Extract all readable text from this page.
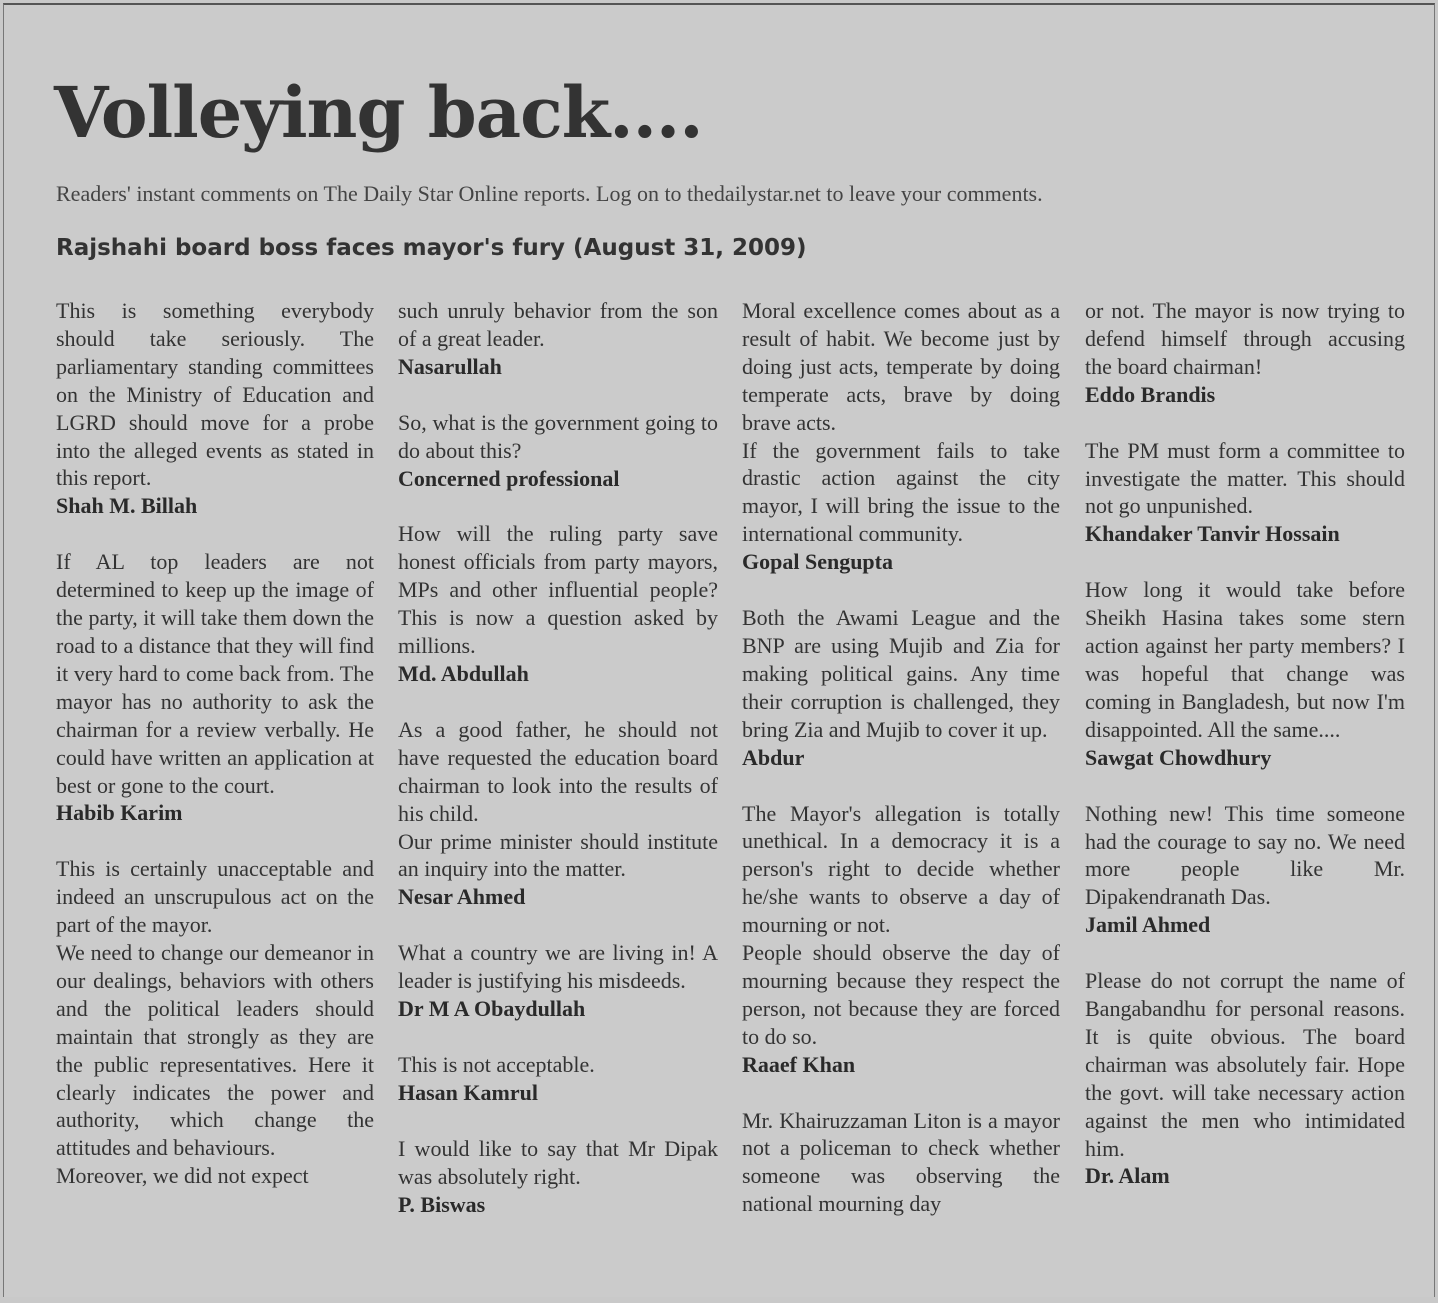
Volleying back....
Readers' instant comments on The Daily Star Online reports. Log on to thedailystar.net to leave your comments.
Rajshahi board boss faces mayor's fury (August 31, 2009)

This is something everybody should take seriously. The parliamentary standing committees on the Ministry of Education and LGRD should move for a probe into the alleged events as stated in this report.

Shah M. Billah

If AL top leaders are not determined to keep up the image of the party, it will take them down the road to a distance that they will find it very hard to come back from. The mayor has no authority to ask the chairman for a review verbally. He could have written an application at best or gone to the court.

Habib Karim

This is certainly unacceptable and indeed an unscrupulous act on the part of the mayor.
We need to change our demeanor in our dealings, behaviors with others and the political leaders should maintain that strongly as they are the public representatives. Here it clearly indicates the power and authority, which change the attitudes and behaviours.
Moreover, we did not expect

such unruly behavior from the son of a great leader.

Nasarullah

So, what is the government going to do about this?

Concerned professional

How will the ruling party save honest officials from party mayors, MPs and other influential people? This is now a question asked by millions.

Md. Abdullah

As a good father, he should not have requested the education board chairman to look into the results of his child.
Our prime minister should institute an inquiry into the matter.

Nesar Ahmed

What a country we are living in! A leader is justifying his misdeeds.

Dr M A Obaydullah

This is not acceptable.

Hasan Kamrul

I would like to say that Mr Dipak was absolutely right.

P. Biswas

Moral excellence comes about as a result of habit. We become just by doing just acts, temperate by doing temperate acts, brave by doing brave acts.
If the government fails to take drastic action against the city mayor, I will bring the issue to the international community.

Gopal Sengupta

Both the Awami League and the BNP are using Mujib and Zia for making political gains. Any time their corruption is challenged, they bring Zia and Mujib to cover it up.

Abdur

The Mayor's allegation is totally unethical. In a democracy it is a person's right to decide whether he/she wants to observe a day of mourning or not.
People should observe the day of mourning because they respect the person, not because they are forced to do so.

Raaef Khan

Mr. Khairuzzaman Liton is a mayor not a policeman to check whether someone was observing the national mourning day

or not. The mayor is now trying to defend himself through accusing the board chairman!

Eddo Brandis

The PM must form a committee to investigate the matter. This should not go unpunished.

Khandaker Tanvir Hossain

How long it would take before Sheikh Hasina takes some stern action against her party members? I was hopeful that change was coming in Bangladesh, but now I'm disappointed. All the same....

Sawgat Chowdhury

Nothing new! This time someone had the courage to say no. We need more people like Mr. Dipakendranath Das.

Jamil Ahmed

Please do not corrupt the name of Bangabandhu for personal reasons. It is quite obvious. The board chairman was absolutely fair. Hope the govt. will take necessary action against the men who intimidated him.

Dr. Alam
